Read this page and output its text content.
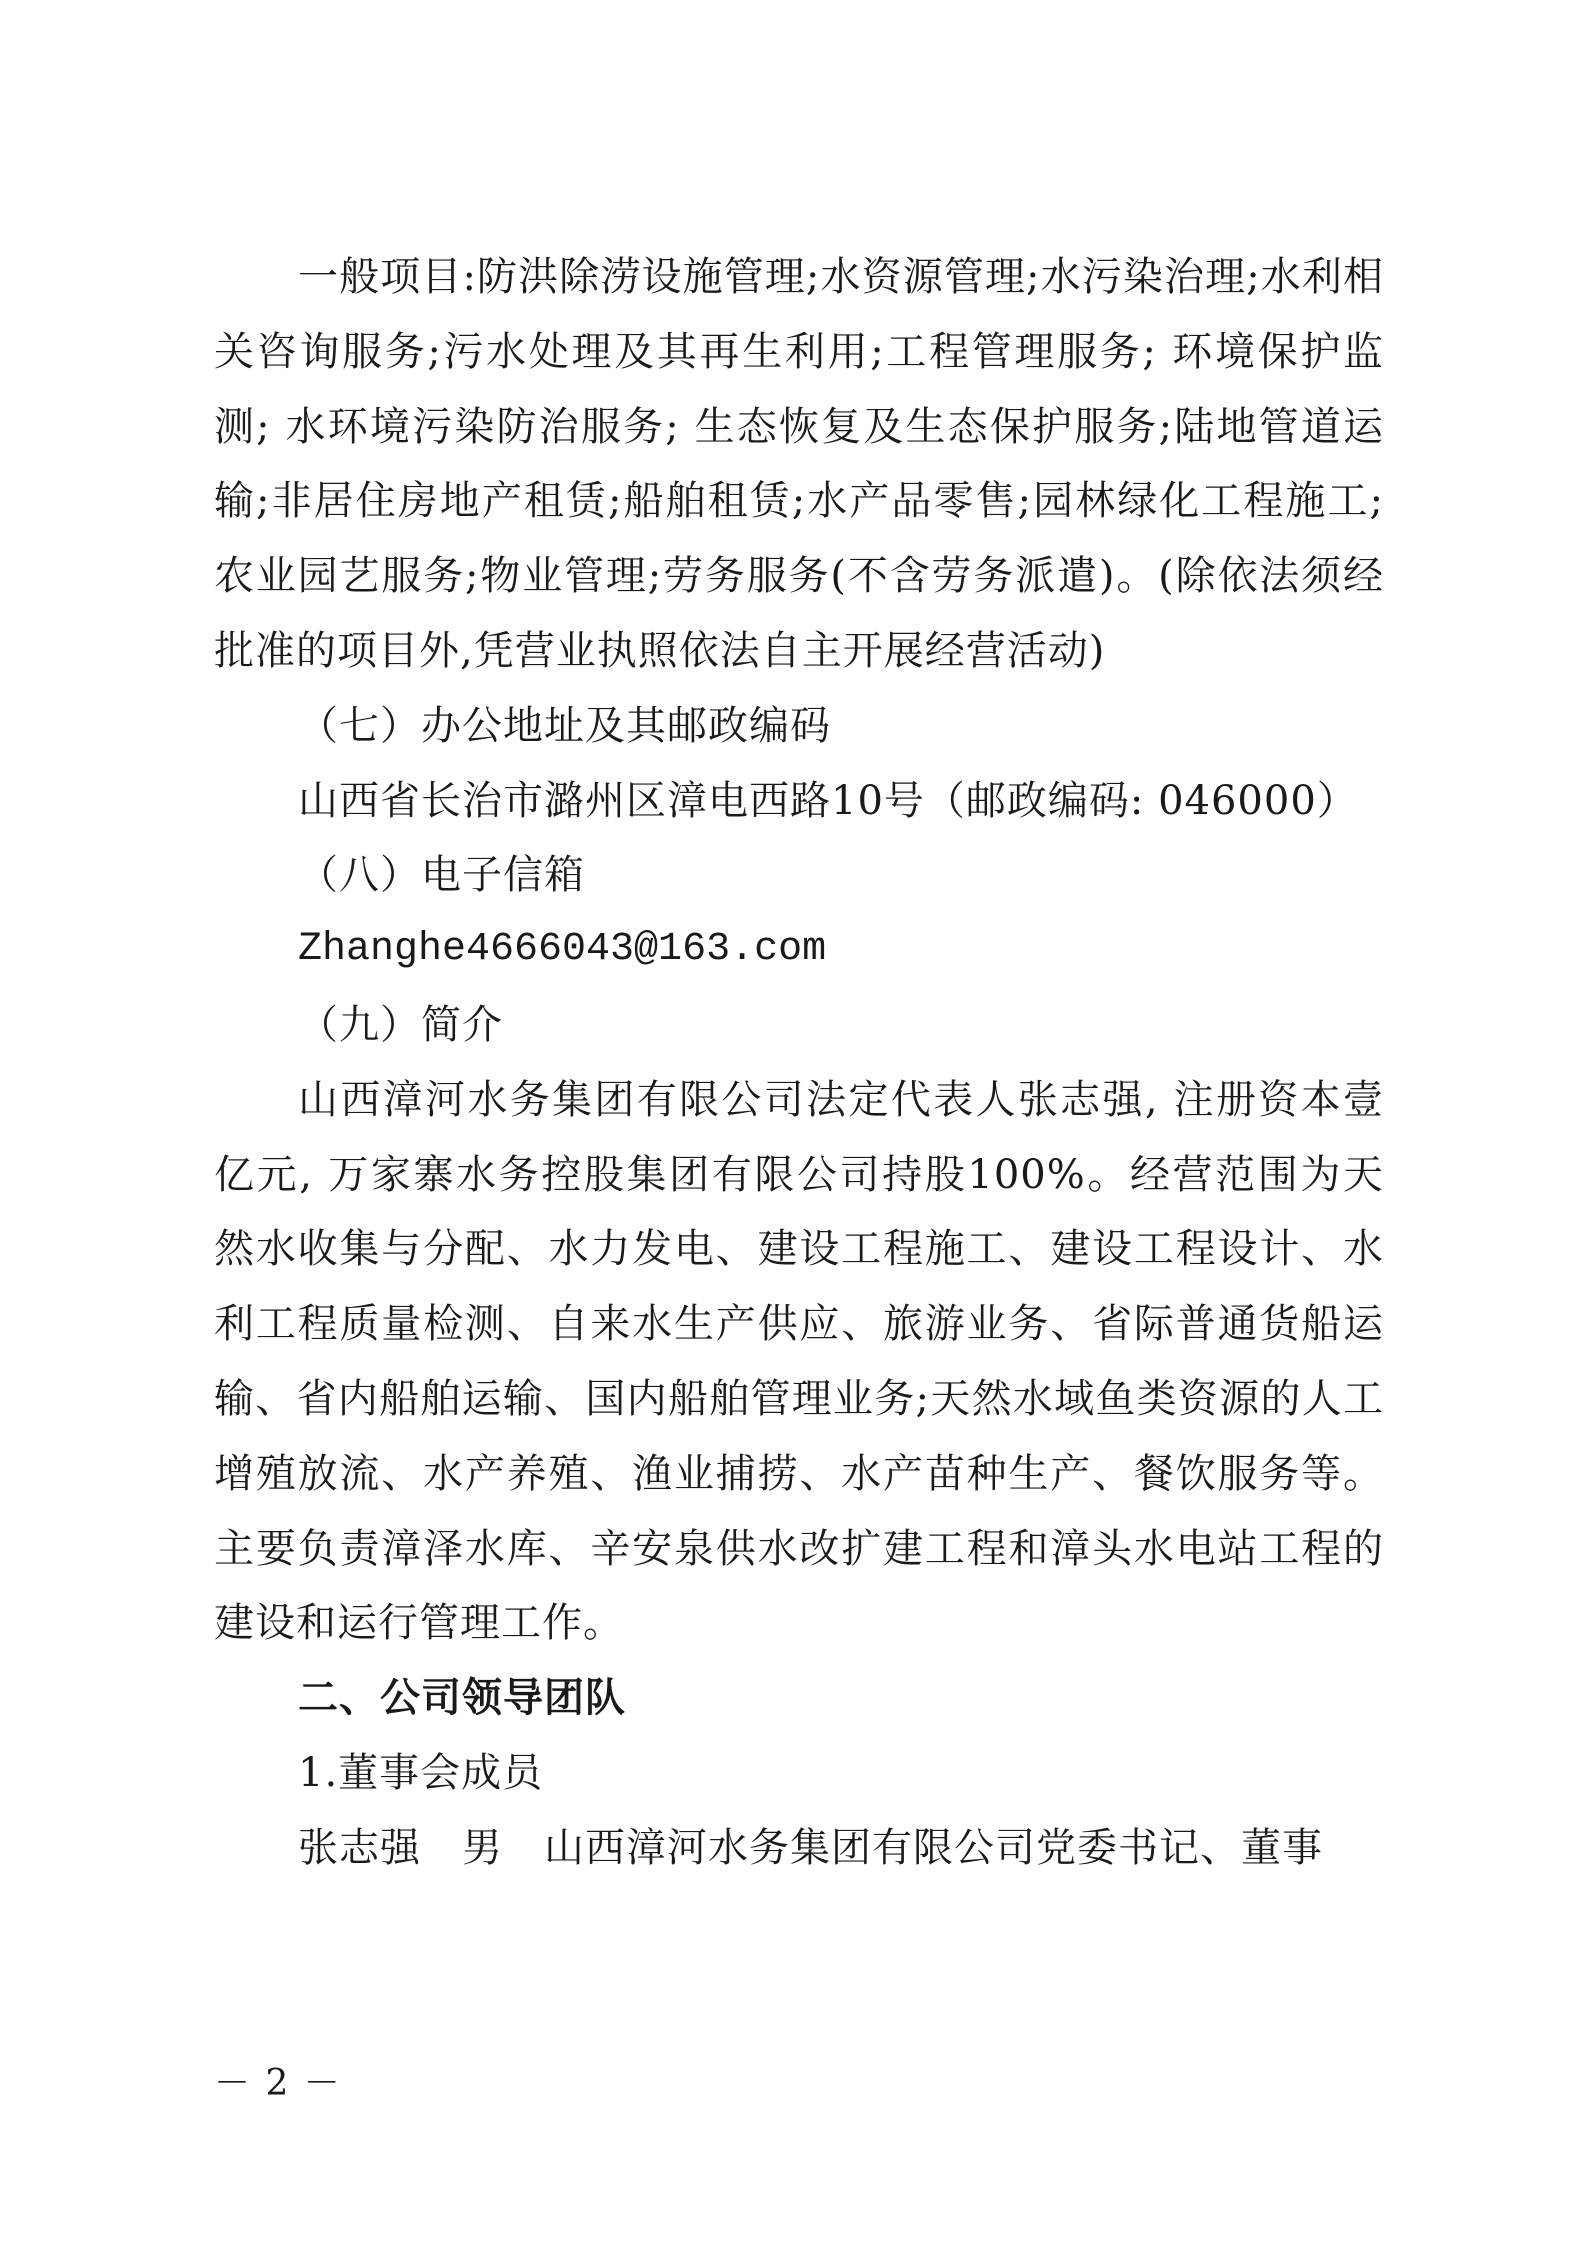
一般项目:防洪除涝设施管理;水资源管理;水污染治理;水利相关咨询服务;污水处理及其再生利用;工程管理服务; 环境保护监测; 水环境污染防治服务; 生态恢复及生态保护服务;陆地管道运输;非居住房地产租赁;船舶租赁;水产品零售;园林绿化工程施工;农业园艺服务;物业管理;劳务服务(不含劳务派遣)。(除依法须经批准的项目外,凭营业执照依法自主开展经营活动)

（七）办公地址及其邮政编码

山西省长治市潞州区漳电西路10号（邮政编码: 046000）

（八）电子信箱

Zhanghe4666043@163.com

（九）简介

山西漳河水务集团有限公司法定代表人张志强, 注册资本壹亿元, 万家寨水务控股集团有限公司持股100%。经营范围为天然水收集与分配、水力发电、建设工程施工、建设工程设计、水利工程质量检测、自来水生产供应、旅游业务、省际普通货船运输、省内船舶运输、国内船舶管理业务;天然水域鱼类资源的人工增殖放流、水产养殖、渔业捕捞、水产苗种生产、餐饮服务等。主要负责漳泽水库、辛安泉供水改扩建工程和漳头水电站工程的建设和运行管理工作。

二、公司领导团队

1.董事会成员

张志强　男　山西漳河水务集团有限公司党委书记、董事

－ 2 －
